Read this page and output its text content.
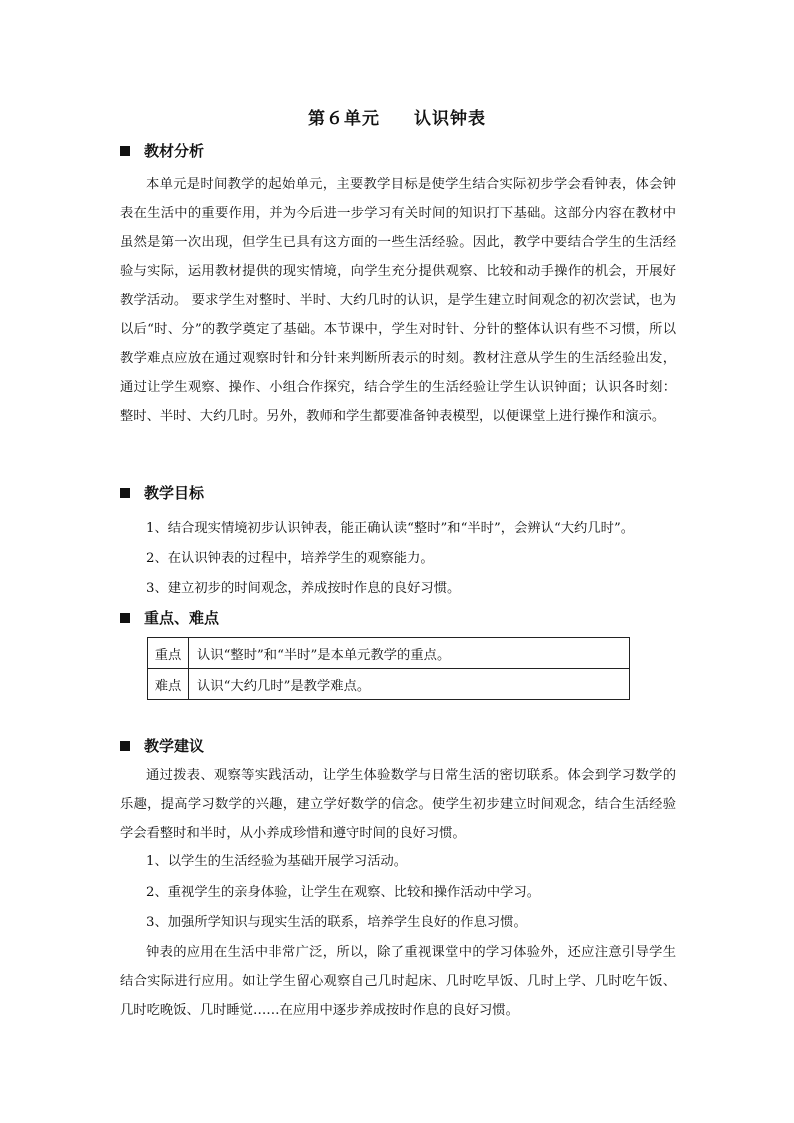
第６单元 认识钟表
教材分析

本单元是时间教学的起始单元，主要教学目标是使学生结合实际初步学会看钟表，体会钟表在生活中的重要作用，并为今后进一步学习有关时间的知识打下基础。这部分内容在教材中虽然是第一次出现，但学生已具有这方面的一些生活经验。因此，教学中要结合学生的生活经验与实际，运用教材提供的现实情境，向学生充分提供观察、比较和动手操作的机会，开展好教学活动。 要求学生对整时、半时、大约几时的认识，是学生建立时间观念的初次尝试，也为以后“时、分”的教学奠定了基础。本节课中，学生对时针、分针的整体认识有些不习惯，所以教学难点应放在通过观察时针和分针来判断所表示的时刻。教材注意从学生的生活经验出发，通过让学生观察、操作、小组合作探究，结合学生的生活经验让学生认识钟面；认识各时刻：整时、半时、大约几时。另外，教师和学生都要准备钟表模型，以便课堂上进行操作和演示。

教学目标
1、结合现实情境初步认识钟表，能正确认读“整时”和“半时”，会辨认“大约几时”。
2、在认识钟表的过程中，培养学生的观察能力。
3、建立初步的时间观念，养成按时作息的良好习惯。
重点、难点
重点	认识“整时”和“半时”是本单元教学的重点。
难点	认识“大约几时”是教学难点。
教学建议

通过拨表、观察等实践活动，让学生体验数学与日常生活的密切联系。体会到学习数学的乐趣，提高学习数学的兴趣，建立学好数学的信念。使学生初步建立时间观念，结合生活经验学会看整时和半时，从小养成珍惜和遵守时间的良好习惯。

1、以学生的生活经验为基础开展学习活动。
2、重视学生的亲身体验，让学生在观察、比较和操作活动中学习。
3、加强所学知识与现实生活的联系，培养学生良好的作息习惯。

钟表的应用在生活中非常广泛，所以，除了重视课堂中的学习体验外，还应注意引导学生结合实际进行应用。如让学生留心观察自己几时起床、几时吃早饭、几时上学、几时吃午饭、几时吃晚饭、几时睡觉……在应用中逐步养成按时作息的良好习惯。
